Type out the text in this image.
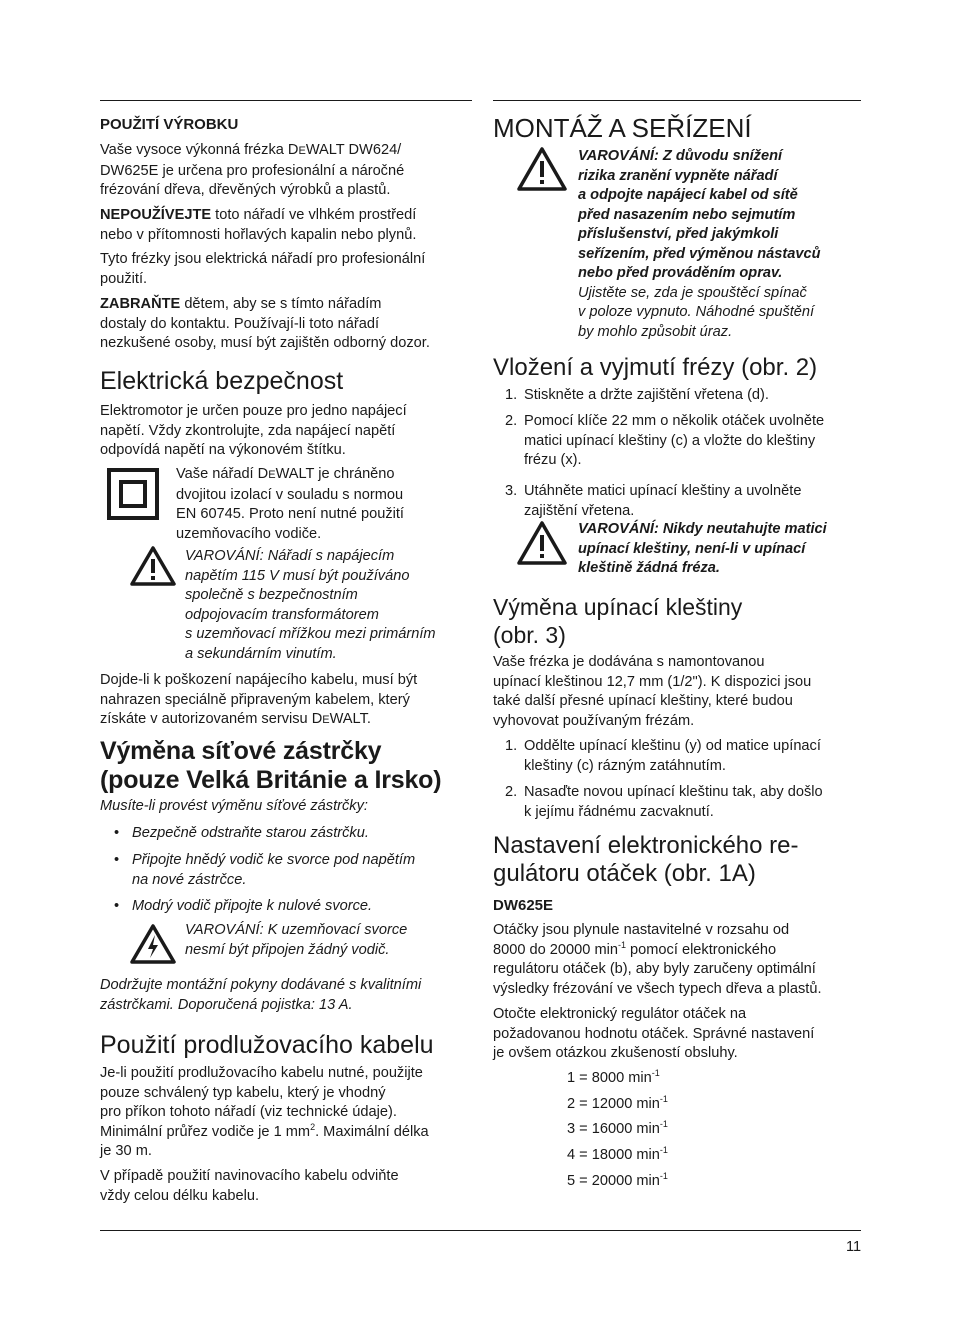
POUŽITÍ VÝROBKU

Vaše vysoce výkonná frézka DEWALT DW624/

DW625E je určena pro profesionální a náročné

frézování dřeva, dřevěných výrobků a plastů.

NEPOUŽÍVEJTE toto nářadí ve vlhkém prostředí

nebo v přítomnosti hořlavých kapalin nebo plynů.

Tyto frézky jsou elektrická nářadí pro profesionální

použití.

ZABRAŇTE dětem, aby se s tímto nářadím

dostaly do kontaktu. Používají-li toto nářadí

nezkušené osoby, musí být zajištěn odborný dozor.

Elektrická bezpečnost

Elektromotor je určen pouze pro jedno napájecí

napětí. Vždy zkontrolujte, zda napájecí napětí

odpovídá napětí na výkonovém štítku.

Vaše nářadí DEWALT je chráněno

dvojitou izolací v souladu s normou

EN 60745. Proto není nutné použití

uzemňovacího vodiče.

VAROVÁNÍ: Nářadí s napájecím

napětím 115 V musí být používáno

společně s bezpečnostním

odpojovacím transformátorem

s uzemňovací mřížkou mezi primárním

a sekundárním vinutím.

Dojde-li k poškození napájecího kabelu, musí být

nahrazen speciálně připraveným kabelem, který

získáte v autorizovaném servisu DEWALT.

Výměna síťové zástrčky
(pouze Velká Británie a Irsko)

Musíte-li provést výměnu síťové zástrčky:

• Bezpečně odstraňte starou zástrčku.
• Připojte hnědý vodič ke svorce pod napětím
na nové zástrčce.
• Modrý vodič připojte k nulové svorce.

VAROVÁNÍ: K uzemňovací svorce

nesmí být připojen žádný vodič.

Dodržujte montážní pokyny dodávané s kvalitními

zástrčkami. Doporučená pojistka: 13 A.

Použití prodlužovacího kabelu

Je-li použití prodlužovacího kabelu nutné, použijte

pouze schválený typ kabelu, který je vhodný

pro příkon tohoto nářadí (viz technické údaje).

Minimální průřez vodiče je 1 $mm^2$. Maximální délka

je 30 m.

V případě použití navinovacího kabelu odviňte

vždy celou délku kabelu.

MONTÁŽ A SEŘÍZENÍ

VAROVÁNÍ: Z důvodu snížení

rizika zranění vypněte nářadí

a odpojte napájecí kabel od sítě

před nasazením nebo sejmutím

příslušenství, před jakýmkoli

seřízením, před výměnou nástavců

nebo před prováděním oprav.

Ujistěte se, zda je spouštěcí spínač

v poloze vypnuto. Náhodné spuštění

by mohlo způsobit úraz.

Vložení a vyjmutí frézy (obr. 2)
1. Stiskněte a držte zajištění vřetena (d).
2. Pomocí klíče 22 mm o několik otáček uvolněte
matici upínací kleštiny (c) a vložte do kleštiny
frézu (x).
3. Utáhněte matici upínací kleštiny a uvolněte
zajištění vřetena.

VAROVÁNÍ: Nikdy neutahujte matici

upínací kleštiny, není-li v upínací

kleštině žádná fréza.

Výměna upínací kleštiny
(obr. 3)

Vaše frézka je dodávána s namontovanou

upínací kleštinou 12,7 mm (1/2"). K dispozici jsou

také další přesné upínací kleštiny, které budou

vyhovovat používaným frézám.

1. Oddělte upínací kleštinu (y) od matice upínací
kleštiny (c) rázným zatáhnutím.
2. Nasaďte novou upínací kleštinu tak, aby došlo
k jejímu řádnému zacvaknutí.
Nastavení elektronického re-
gulátoru otáček (obr. 1A)
DW625E

Otáčky jsou plynule nastavitelné v rozsahu od

8000 do 20000 $\min^{-1}$ pomocí elektronického

regulátoru otáček (b), aby byly zaručeny optimální

výsledky frézování ve všech typech dřeva a plastů.

Otočte elektronický regulátor otáček na

požadovanou hodnotu otáček. Správné nastavení

je ovšem otázkou zkušeností obsluhy.

1 = 8000 $\min^{-1}$
2 = 12000 $\min^{-1}$
3 = 16000 $\min^{-1}$
4 = 18000 $\min^{-1}$
5 = 20000 $\min^{-1}$
11
